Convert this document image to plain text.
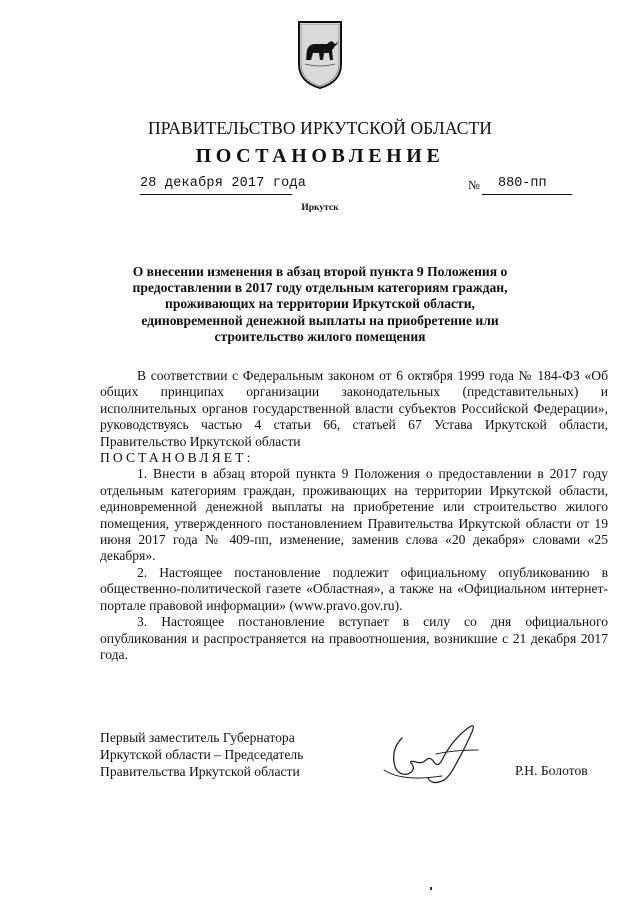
ПРАВИТЕЛЬСТВО ИРКУТСКОЙ ОБЛАСТИ
ПОСТАНОВЛЕНИЕ
28 декабря 2017 года	№ 880-пп
Иркутск
О внесении изменения в абзац второй пункта 9 Положения о предоставлении в 2017 году отдельным категориям граждан, проживающих на территории Иркутской области, единовременной денежной выплаты на приобретение или строительство жилого помещения

В соответствии с Федеральным законом от 6 октября 1999 года № 184-ФЗ «Об общих принципах организации законодательных (представительных) и исполнительных органов государственной власти субъектов Российской Федерации», руководствуясь частью 4 статьи 66, статьей 67 Устава Иркутской области, Правительство Иркутской области

ПОСТАНОВЛЯЕТ:

1. Внести в абзац второй пункта 9 Положения о предоставлении в 2017 году отдельным категориям граждан, проживающих на территории Иркутской области, единовременной денежной выплаты на приобретение или строительство жилого помещения, утвержденного постановлением Правительства Иркутской области от 19 июня 2017 года № 409-пп, изменение, заменив слова «20 декабря» словами «25 декабря».

2. Настоящее постановление подлежит официальному опубликованию в общественно-политической газете «Областная», а также на «Официальном интернет-портале правовой информации» (www.pravo.gov.ru).

3. Настоящее постановление вступает в силу со дня официального опубликования и распространяется на правоотношения, возникшие с 21 декабря 2017 года.

Первый заместитель Губернатора
Иркутской области – Председатель
Правительства Иркутской области	Р.Н. Болотов
